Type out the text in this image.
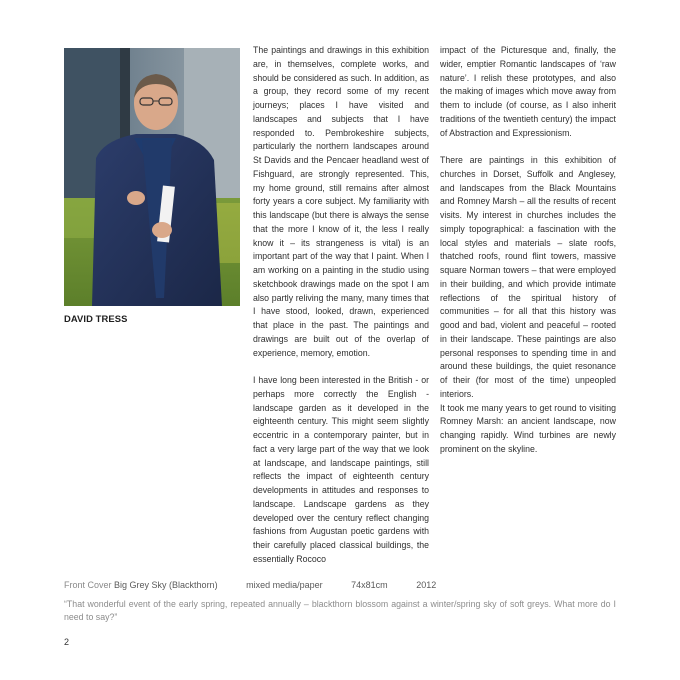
DAVID TRESS

The paintings and drawings in this exhibition are, in themselves, complete works, and should be considered as such. In addition, as a group, they record some of my recent journeys; places I have visited and landscapes and subjects that I have responded to. Pembrokeshire subjects, particularly the northern landscapes around St Davids and the Pencaer headland west of Fishguard, are strongly represented. This, my home ground, still remains after almost forty years a core subject. My familiarity with this landscape (but there is always the sense that the more I know of it, the less I really know it – its strangeness is vital) is an important part of the way that I paint. When I am working on a painting in the studio using sketchbook drawings made on the spot I am also partly reliving the many, many times that I have stood, looked, drawn, experienced that place in the past. The paintings and drawings are built out of the overlap of experience, memory, emotion.

I have long been interested in the British - or perhaps more correctly the English - landscape garden as it developed in the eighteenth century. This might seem slightly eccentric in a contemporary painter, but in fact a very large part of the way that we look at landscape, and landscape paintings, still reflects the impact of eighteenth century developments in attitudes and responses to landscape. Landscape gardens as they developed over the century reflect changing fashions from Augustan poetic gardens with their carefully placed classical buildings, the essentially Rococo

impact of the Picturesque and, finally, the wider, emptier Romantic landscapes of ‘raw nature’. I relish these prototypes, and also the making of images which move away from them to include (of course, as I also inherit traditions of the twentieth century) the impact of Abstraction and Expressionism.

There are paintings in this exhibition of churches in Dorset, Suffolk and Anglesey, and landscapes from the Black Mountains and Romney Marsh – all the results of recent visits. My interest in churches includes the simply topographical: a fascination with the local styles and materials – slate roofs, thatched roofs, round flint towers, massive square Norman towers – that were employed in their building, and which provide intimate reflections of the spiritual history of communities – for all that this history was good and bad, violent and peaceful – rooted in their landscape. These paintings are also personal responses to spending time in and around these buildings, the quiet resonance of their (for most of the time) unpeopled interiors.

It took me many years to get round to visiting Romney Marsh: an ancient landscape, now changing rapidly. Wind turbines are newly prominent on the skyline.

Front Cover Big Grey Sky (Blackthorn)	mixed media/paper	74x81cm	2012
“That wonderful event of the early spring, repeated annually – blackthorn blossom against a winter/spring sky of soft greys. What more do I need to say?”
2
